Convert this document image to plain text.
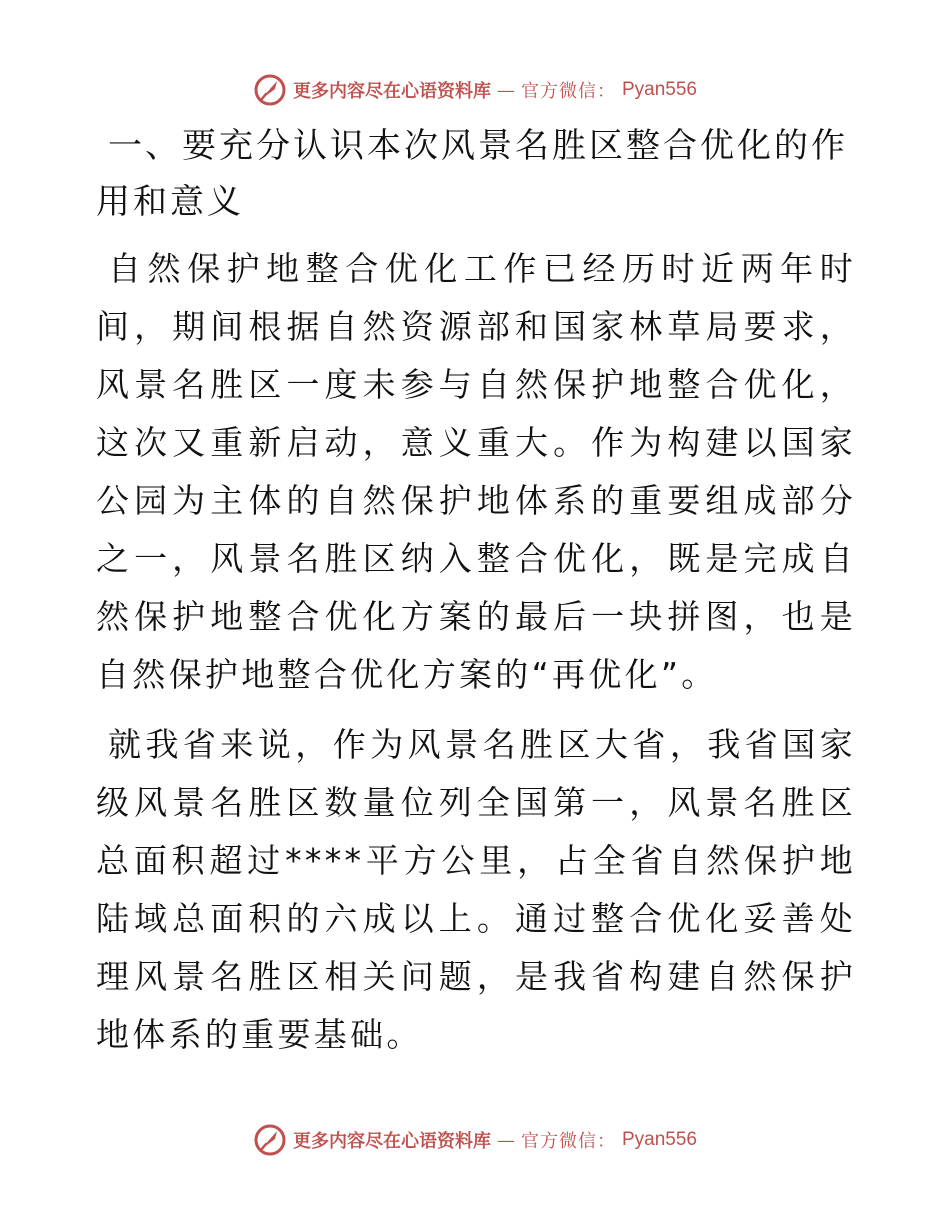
更多内容尽在心语资料库 — 官方微信： Pyan556
一、要充分认识本次风景名胜区整合优化的作用和意义

自然保护地整合优化工作已经历时近两年时间，期间根据自然资源部和国家林草局要求，风景名胜区一度未参与自然保护地整合优化，这次又重新启动，意义重大。作为构建以国家公园为主体的自然保护地体系的重要组成部分之一，风景名胜区纳入整合优化，既是完成自然保护地整合优化方案的最后一块拼图，也是自然保护地整合优化方案的“再优化”。

就我省来说，作为风景名胜区大省，我省国家级风景名胜区数量位列全国第一，风景名胜区总面积超过****平方公里，占全省自然保护地陆域总面积的六成以上。通过整合优化妥善处理风景名胜区相关问题，是我省构建自然保护地体系的重要基础。

更多内容尽在心语资料库 — 官方微信： Pyan556
